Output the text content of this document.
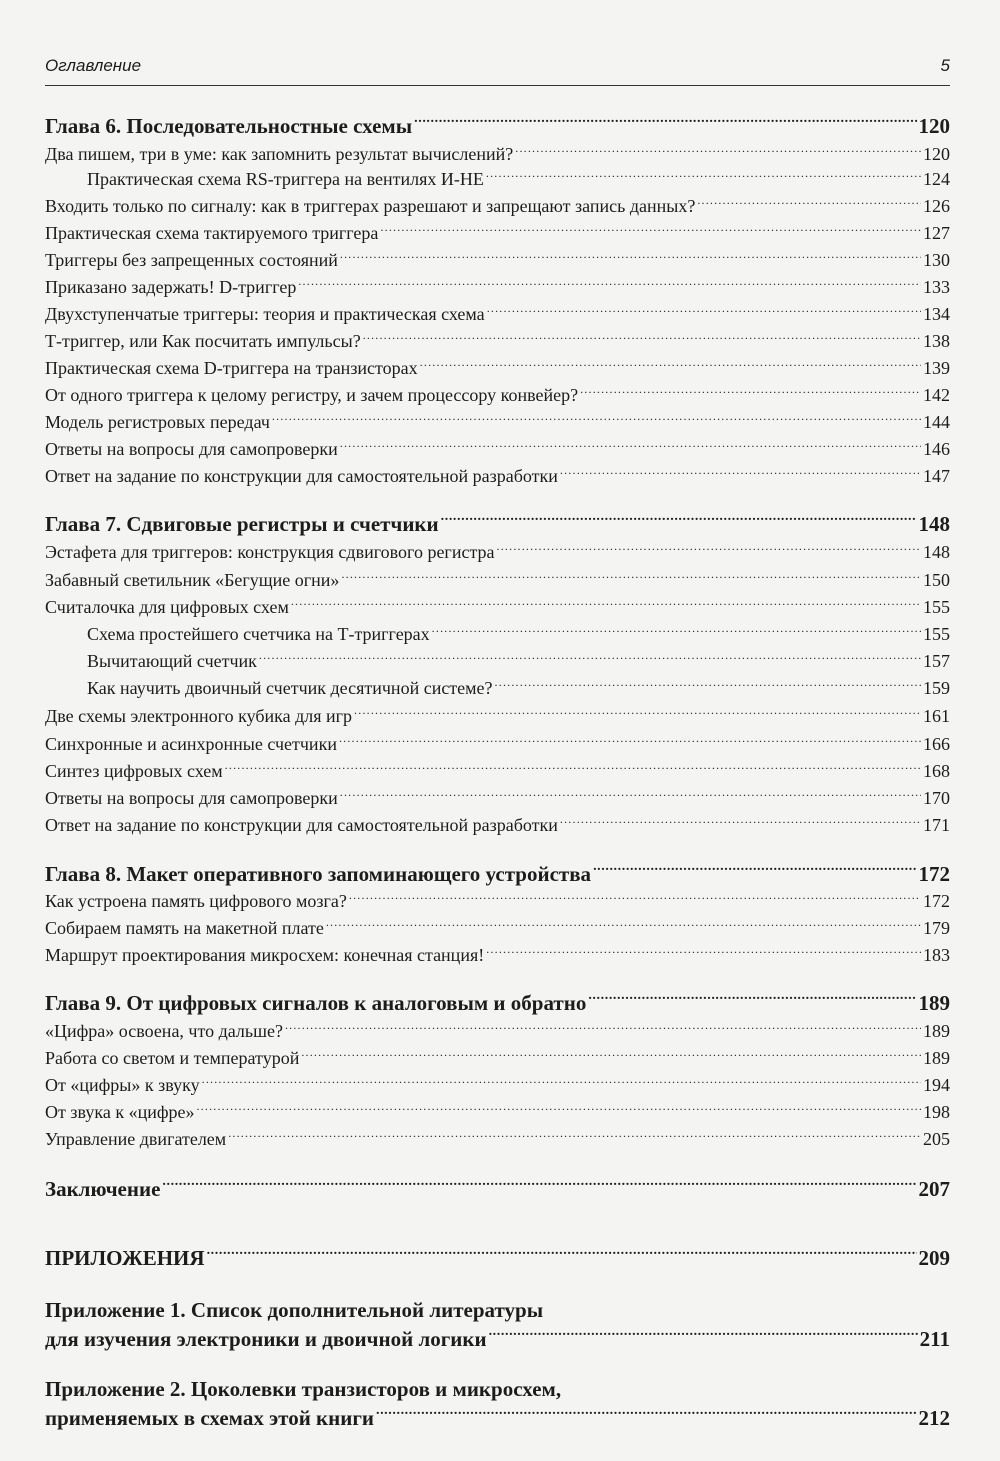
Оглавление	5
Глава 6. Последовательностные схемы .....	120
Два пишем, три в уме: как запомнить результат вычислений? .....	120
Практическая схема RS-триггера на вентилях И-НЕ .....	124
Входить только по сигналу: как в триггерах разрешают и запрещают запись данных? .....	126
Практическая схема тактируемого триггера .....	127
Триггеры без запрещенных состояний .....	130
Приказано задержать! D-триггер .....	133
Двухступенчатые триггеры: теория и практическая схема .....	134
Т-триггер, или Как посчитать импульсы? .....	138
Практическая схема D-триггера на транзисторах .....	139
От одного триггера к целому регистру, и зачем процессору конвейер? .....	142
Модель регистровых передач .....	144
Ответы на вопросы для самопроверки .....	146
Ответ на задание по конструкции для самостоятельной разработки .....	147
Глава 7. Сдвиговые регистры и счетчики .....	148
Эстафета для триггеров: конструкция сдвигового регистра .....	148
Забавный светильник «Бегущие огни» .....	150
Считалочка для цифровых схем .....	155
Схема простейшего счетчика на Т-триггерах .....	155
Вычитающий счетчик .....	157
Как научить двоичный счетчик десятичной системе? .....	159
Две схемы электронного кубика для игр .....	161
Синхронные и асинхронные счетчики .....	166
Синтез цифровых схем .....	168
Ответы на вопросы для самопроверки .....	170
Ответ на задание по конструкции для самостоятельной разработки .....	171
Глава 8. Макет оперативного запоминающего устройства .....	172
Как устроена память цифрового мозга? .....	172
Собираем память на макетной плате .....	179
Маршрут проектирования микросхем: конечная станция! .....	183
Глава 9. От цифровых сигналов к аналоговым и обратно .....	189
«Цифра» освоена, что дальше? .....	189
Работа со светом и температурой .....	189
От «цифры» к звуку .....	194
От звука к «цифре» .....	198
Управление двигателем .....	205
Заключение .....	207
ПРИЛОЖЕНИЯ .....	209
Приложение 1. Список дополнительной литературы
для изучения электроники и двоичной логики .....	211
Приложение 2. Цоколевки транзисторов и микросхем,
применяемых в схемах этой книги .....	212
